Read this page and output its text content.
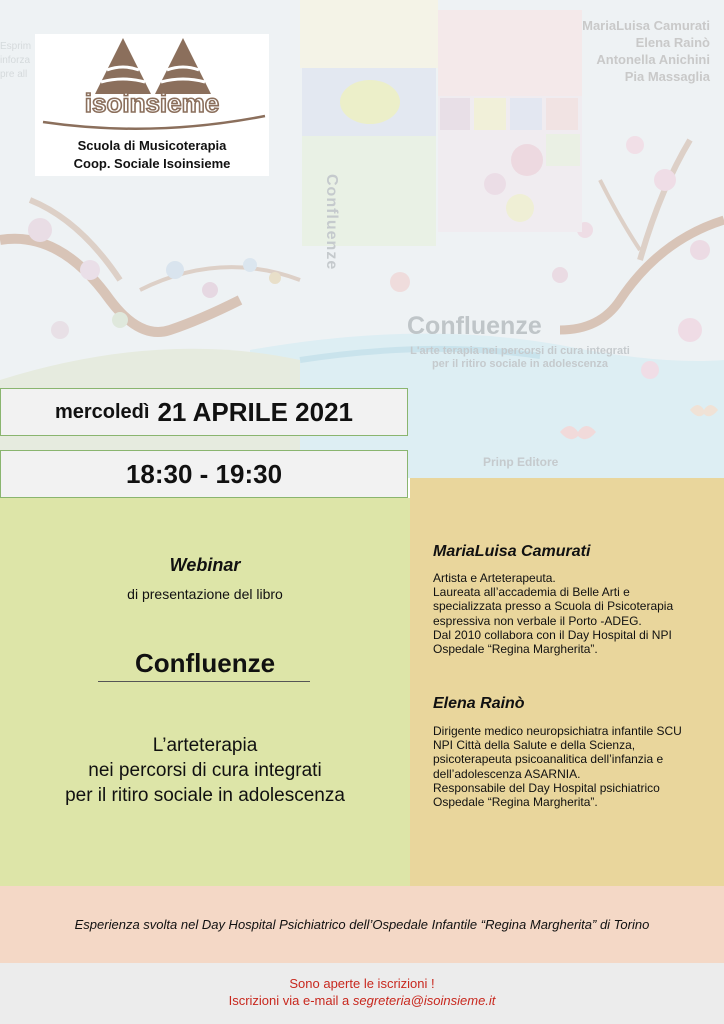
Esprim
inforza
pre all
MariaLuisa Camurati
Elena Rainò
Antonella Anichini
Pia Massaglia
Confluenze
Confluenze
L'arte terapia nei percorsi di cura integrati per il ritiro sociale in adolescenza
Prinp Editore
isoinsieme
Scuola di Musicoterapia
Coop. Sociale Isoinsieme
mercoledì 21 APRILE 2021
18:30 - 19:30
Webinar
di presentazione del libro
Confluenze
L’arteterapia
nei percorsi di cura integrati
per il ritiro sociale in adolescenza
MariaLuisa Camurati
Artista e Arteterapeuta.
Laureata all’accademia di Belle Arti e
specializzata presso a Scuola di Psicoterapia
espressiva non verbale il Porto -ADEG.
Dal 2010 collabora con il Day Hospital di NPI
Ospedale “Regina Margherita”.
Elena Rainò
Dirigente medico neuropsichiatra infantile SCU
NPI Città della Salute e della Scienza,
psicoterapeuta psicoanalitica dell’infanzia e
dell’adolescenza ASARNIA.
Responsabile del Day Hospital psichiatrico
Ospedale “Regina Margherita”.
Esperienza svolta nel Day Hospital Psichiatrico dell’Ospedale Infantile “Regina Margherita” di Torino
Sono aperte le iscrizioni !
Iscrizioni via e-mail a segreteria@isoinsieme.it
